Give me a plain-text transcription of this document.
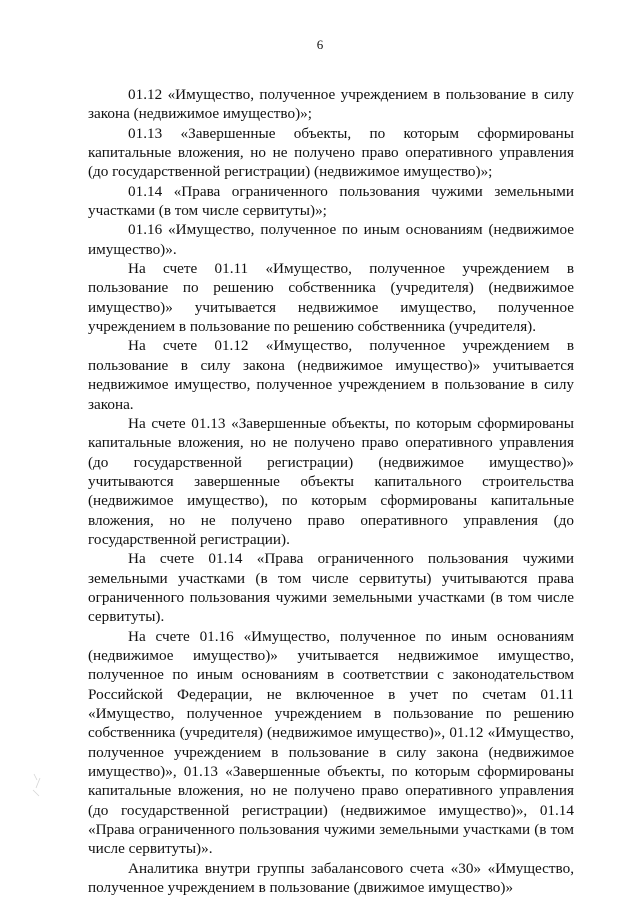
6

01.12 «Имущество, полученное учреждением в пользование в силу закона (недвижимое имущество)»;

01.13 «Завершенные объекты, по которым сформированы капитальные вложения, но не получено право оперативного управления (до государственной регистрации) (недвижимое имущество)»;

01.14 «Права ограниченного пользования чужими земельными участками (в том числе сервитуты)»;

01.16 «Имущество, полученное по иным основаниям (недвижимое имущество)».

На счете 01.11 «Имущество, полученное учреждением в пользование по решению собственника (учредителя) (недвижимое имущество)» учитывается недвижимое имущество, полученное учреждением в пользование по решению собственника (учредителя).

На счете 01.12 «Имущество, полученное учреждением в пользование в силу закона (недвижимое имущество)» учитывается недвижимое имущество, полученное учреждением в пользование в силу закона.

На счете 01.13 «Завершенные объекты, по которым сформированы капитальные вложения, но не получено право оперативного управления (до государственной регистрации) (недвижимое имущество)» учитываются завершенные объекты капитального строительства (недвижимое имущество), по которым сформированы капитальные вложения, но не получено право оперативного управления (до государственной регистрации).

На счете 01.14 «Права ограниченного пользования чужими земельными участками (в том числе сервитуты) учитываются права ограниченного пользования чужими земельными участками (в том числе сервитуты).

На счете 01.16 «Имущество, полученное по иным основаниям (недвижимое имущество)» учитывается недвижимое имущество, полученное по иным основаниям в соответствии с законодательством Российской Федерации, не включенное в учет по счетам 01.11 «Имущество, полученное учреждением в пользование по решению собственника (учредителя) (недвижимое имущество)», 01.12 «Имущество, полученное учреждением в пользование в силу закона (недвижимое имущество)», 01.13 «Завершенные объекты, по которым сформированы капитальные вложения, но не получено право оперативного управления (до государственной регистрации) (недвижимое имущество)», 01.14 «Права ограниченного пользования чужими земельными участками (в том числе сервитуты)».

Аналитика внутри группы забалансового счета «30» «Имущество, полученное учреждением в пользование (движимое имущество)»
